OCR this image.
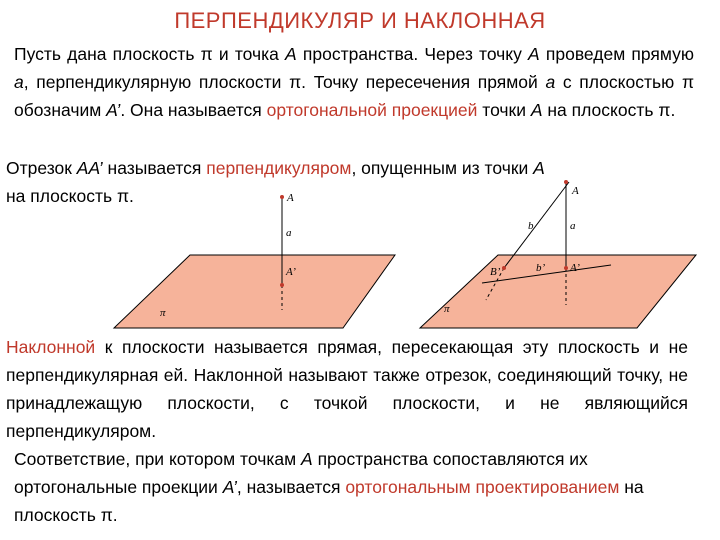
ПЕРПЕНДИКУЛЯР И НАКЛОННАЯ
Пусть дана плоскость π и точка А пространства. Через точку А проведем прямую а, перпендикулярную плоскости π. Точку пересечения прямой а с плоскостью π обозначим А’. Она называется ортогональной проекцией точки А на плоскость π.
Отрезок АА’ называется перпендикуляром, опущенным из точки А
на плоскость π.	A
a
A’
π
A
b	a
B’	b’ A’
π
Наклонной к плоскости называется прямая, пересекающая эту плоскость и не перпендикулярная ей. Наклонной называют также отрезок, соединяющий точку, не принадлежащую плоскости, с точкой плоскости, и не являющийся перпендикуляром.
Соответствие, при котором точкам А пространства сопоставляются их ортогональные проекции А’, называется ортогональным проектированием на плоскость π.
